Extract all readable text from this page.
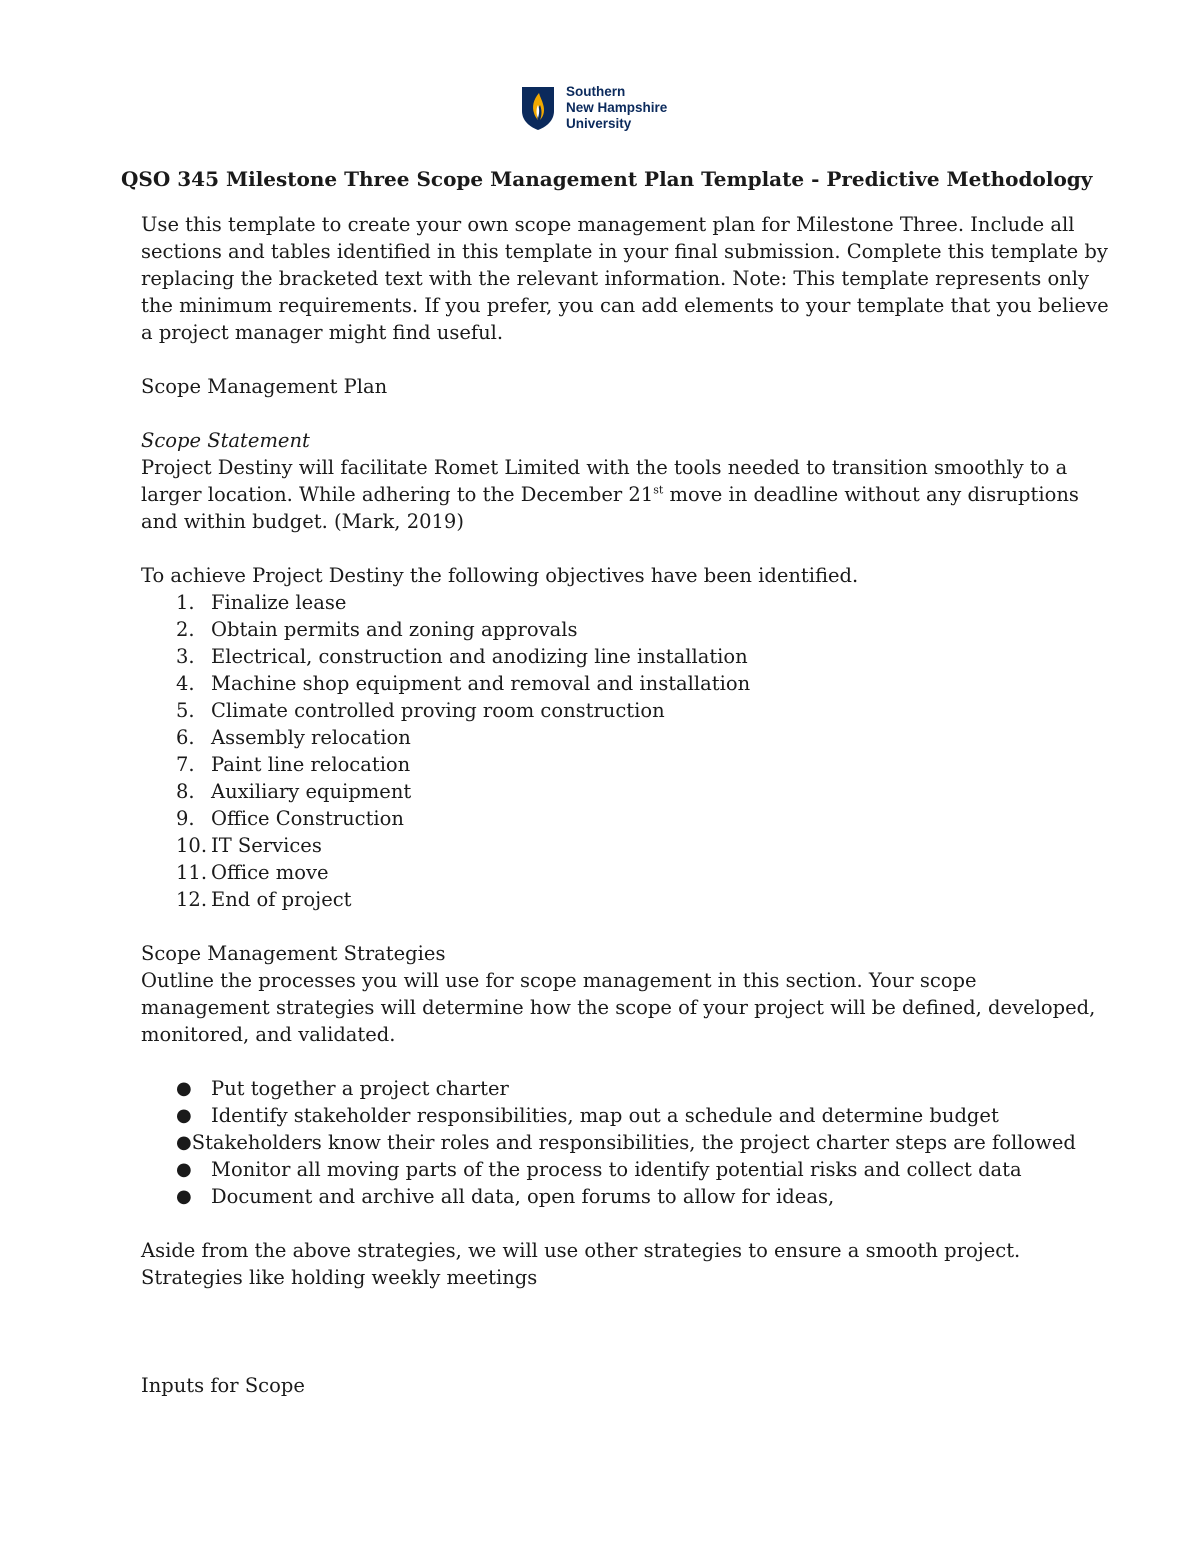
Southern
New Hampshire
University

QSO 345 Milestone Three Scope Management Plan Template - Predictive Methodology

Use this template to create your own scope management plan for Milestone Three. Include all

sections and tables identified in this template in your final submission. Complete this template by

replacing the bracketed text with the relevant information. Note: This template represents only

the minimum requirements. If you prefer, you can add elements to your template that you believe

a project manager might find useful.

Scope Management Plan

Scope Statement

Project Destiny will facilitate Romet Limited with the tools needed to transition smoothly to a

larger location. While adhering to the December 21st move in deadline without any disruptions

and within budget. (Mark, 2019)

To achieve Project Destiny the following objectives have been identified.

1. Finalize lease
2. Obtain permits and zoning approvals
3. Electrical, construction and anodizing line installation
4. Machine shop equipment and removal and installation
5. Climate controlled proving room construction
6. Assembly relocation
7. Paint line relocation
8. Auxiliary equipment
9. Office Construction
10. IT Services
11. Office move
12. End of project

Scope Management Strategies

Outline the processes you will use for scope management in this section. Your scope

management strategies will determine how the scope of your project will be defined, developed,

monitored, and validated.

● Put together a project charter
● Identify stakeholder responsibilities, map out a schedule and determine budget
● Stakeholders know their roles and responsibilities, the project charter steps are followed
● Monitor all moving parts of the process to identify potential risks and collect data
● Document and archive all data, open forums to allow for ideas,

Aside from the above strategies, we will use other strategies to ensure a smooth project.

Strategies like holding weekly meetings

Inputs for Scope
